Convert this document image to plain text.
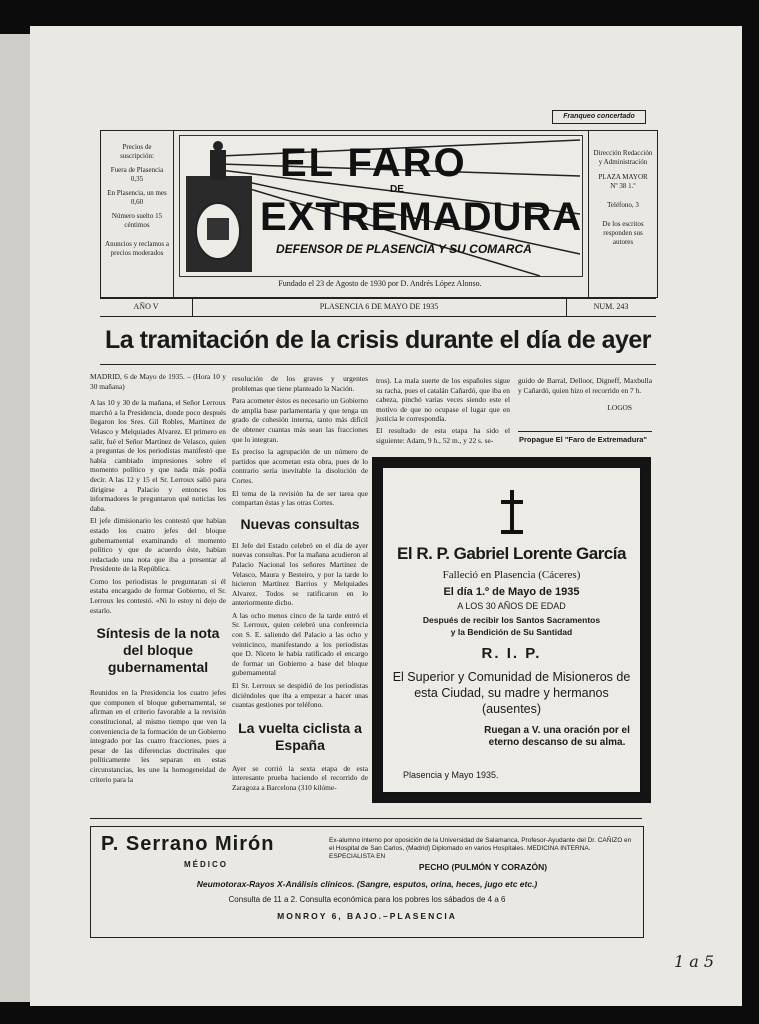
Franqueo concertado
Precios de suscripción:
Fuera de Plasencia 0,35
En Plasencia, un mes 0,60
Número suelto 15 céntimos
Anuncios y reclamos a precios moderados
EL FARO
DE
EXTREMADURA
DEFENSOR DE PLASENCIA Y SU COMARCA
Fundado el 23 de Agosto de 1930 por D. Andrés López Alonso.
Dirección Redacción y Administración
PLAZA MAYOR
Nº 38 1.º
Teléfono, 3
De los escritos responden sus autores
AÑO V	PLASENCIA 6 DE MAYO DE 1935	NUM. 243
La tramitación de la crisis durante el día de ayer

MADRID, 6 de Mayo de 1935. – (Hora 10 y 30 mañana)

A las 10 y 30 de la mañana, el Señor Lerroux marchó a la Presidencia, donde poco después llegaron los Sres. Gil Robles, Martínez de Velasco y Melquiades Alvarez. El primero en salir, fué el Señor Martínez de Velasco, quien a preguntas de los periodistas manifestó que había cambiado impresiones sobre el momento político y que nada más podía decir. A las 12 y 15 el Sr. Lerroux salió para dirigirse a Palacio y entonces los informadores le preguntaron qué noticias les daba.

El jefe dimisionario les contestó que habían estado los cuatro jefes del bloque gubernamental examinando el momento político y que de acuerdo éste, habían redactado una nota que iba a presentar al Presidente de la República.

Como los periodistas le preguntaran si él estaba encargado de formar Gobierno, el Sr. Lerroux les contestó. «Ni lo estoy ni dejo de estarlo.

Síntesis de la nota del bloque gubernamental

Reunidos en la Presidencia los cuatro jefes que componen el bloque gubernamental, se afirman en el criterio favorable a la revisión constitucional, al mismo tiempo que ven la conveniencia de la formación de un Gobierno integrado por las cuatro fracciones, pues a pesar de las diferencias doctrinales que políticamente les separan en estas circunstancias, les une la homogeneidad de criterio para la

resolución de los graves y urgentes problemas que tiene planteado la Nación.

Para acometer éstos es necesario un Gobierno de amplia base parlamentaria y que tenga un grado de cohesión interna, tanto más difícil de obtener cuantas más sean las fracciones que lo integran.

Es preciso la agrupación de un número de partidos que acometan esta obra, pues de lo contrario sería inevitable la disolución de Cortes.

El tema de la revisión ha de ser tarea que compartan éstas y las otras Cortes.

Nuevas consultas

El Jefe del Estado celebró en el día de ayer nuevas consultas. Por la mañana acudieron al Palacio Nacional los señores Martínez de Velasco, Maura y Besteiro, y por la tarde lo hicieron Martínez Barrios y Melquiades Alvarez. Todos se ratificaron en lo anteriormente dicho.

A las ocho menos cinco de la tarde entró el Sr. Lerroux, quien celebró una conferencia con S. E. saliendo del Palacio a las ocho y veinticinco, manifestando a los periodistas que D. Niceto le había ratificado el encargo de formar un Gobierno a base del bloque gubernamental

El Sr. Lerroux se despidió de los periodistas diciéndoles que iba a empezar a hacer unas cuantas gestiones por teléfono.

La vuelta ciclista a España

Ayer se corrió la sexta etapa de esta interesante prueba haciendo el recorrido de Zaragoza a Barcelona (310 kilóme-

tros). La mala suerte de los españoles sigue su racha, pues el catalán Cañardó, que iba en cabeza, pinchó varias veces siendo este el motivo de que no ocupase el lugar que en justicia le correspondía.

El resultado de esta etapa ha sido el siguiente: Adam, 9 h., 52 m., y 22 s. se-

guido de Barral, Delloor, Digneff, Maxbulla y Cañardó, quien hizo el recorrido en 7 h.

LOGOS

Propague El "Faro de Extremadura"
El R. P. Gabriel Lorente García
Falleció en Plasencia (Cáceres)
El día 1.º de Mayo de 1935
A LOS 30 AÑOS DE EDAD
Después de recibir los Santos Sacramentos
y la Bendición de Su Santidad
R. I. P.
El Superior y Comunidad de Misioneros de esta Ciudad, su madre y hermanos (ausentes)
Ruegan a V. una oración por el eterno descanso de su alma.
Plasencia y Mayo 1935.
P. Serrano Mirón
MÉDICO
Ex-alumno interno por oposición de la Universidad de Salamanca, Profesor-Ayudante del Dr. CAÑIZO en el Hospital de San Carlos, (Madrid) Diplomado en varios Hospitales. MEDICINA INTERNA. ESPECIALISTA EN
PECHO (PULMÓN Y CORAZÓN)
Neumotorax-Rayos X-Análisis clínicos. (Sangre, esputos, orina, heces, jugo etc etc.)
Consulta de 11 a 2. Consulta económica para los pobres los sábados de 4 a 6
MONROY 6, BAJO.–PLASENCIA
1 a 5
